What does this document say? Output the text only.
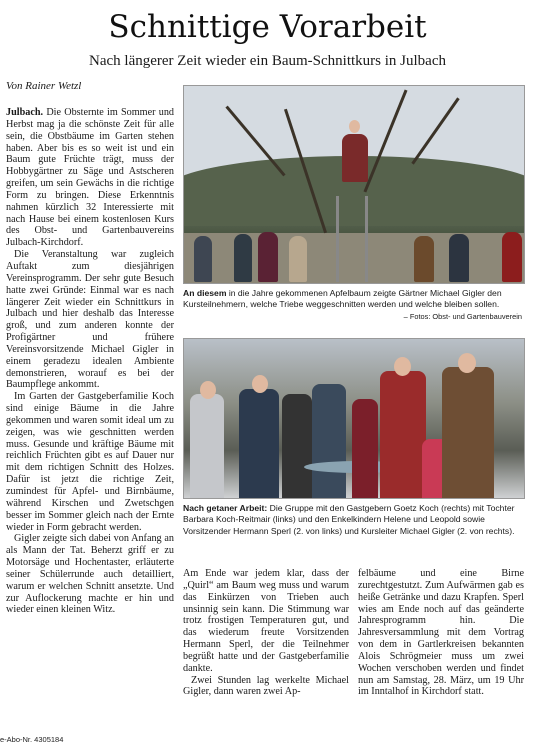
Schnittige Vorarbeit
Nach längerer Zeit wieder ein Baum-Schnittkurs in Julbach
Von Rainer Wetzl

Julbach. Die Obsternte im Sommer und Herbst mag ja die schönste Zeit für alle sein, die Obstbäume im Garten stehen haben. Aber bis es so weit ist und ein Baum gute Früchte trägt, muss der Hobbygärtner zu Säge und Astscheren greifen, um sein Gewächs in die richtige Form zu bringen. Diese Erkenntnis nahmen kürzlich 32 Interessierte mit nach Hause bei einem kostenlosen Kurs des Obst- und Gartenbauvereins Julbach-Kirchdorf.

Die Veranstaltung war zugleich Auftakt zum diesjährigen Vereinsprogramm. Der sehr gute Besuch hatte zwei Gründe: Einmal war es nach längerer Zeit wieder ein Schnittkurs in Julbach und hier deshalb das Interesse groß, und zum anderen konnte der Profigärtner und frühere Vereinsvorsitzende Michael Gigler in einem geradezu idealen Ambiente demonstrieren, worauf es bei der Baumpflege ankommt.

Im Garten der Gastgeberfamilie Koch sind einige Bäume in die Jahre gekommen und waren somit ideal um zu zeigen, was wie geschnitten werden muss. Gesunde und kräftige Bäume mit reichlich Früchten gibt es auf Dauer nur mit dem richtigen Schnitt des Holzes. Dafür ist jetzt die richtige Zeit, zumindest für Apfel- und Birnbäume, während Kirschen und Zwetschgen besser im Sommer gleich nach der Ernte wieder in Form gebracht werden.

Gigler zeigte sich dabei von Anfang an als Mann der Tat. Beherzt griff er zu Motorsäge und Hochentaster, erläuterte seiner Schülerrunde auch detailliert, warum er welchen Schnitt ansetzte. Und zur Auflockerung machte er hin und wieder einen kleinen Witz.

An diesem in die Jahre gekommenen Apfelbaum zeigte Gärtner Michael Gigler den Kursteilnehmern, welche Triebe weggeschnitten werden und welche bleiben sollen.
– Fotos: Obst- und Gartenbauverein
Nach getaner Arbeit: Die Gruppe mit den Gastgebern Goetz Koch (rechts) mit Tochter Barbara Koch-Reitmair (links) und den Enkelkindern Helene und Leopold sowie Vorsitzender Hermann Sperl (2. von links) und Kursleiter Michael Gigler (2. von rechts).

Am Ende war jedem klar, dass der „Quirl“ am Baum weg muss und warum das Einkürzen von Trieben auch unsinnig sein kann. Die Stimmung war trotz frostigen Temperaturen gut, und das wiederum freute Vorsitzenden Hermann Sperl, der die Teilnehmer begrüßt hatte und der Gastgeberfamilie dankte.

Zwei Stunden lag werkelte Michael Gigler, dann waren zwei Ap-

felbäume und eine Birne zurechtgestutzt. Zum Aufwärmen gab es heiße Getränke und dazu Krapfen. Sperl wies am Ende noch auf das geänderte Jahresprogramm hin. Die Jahresversammlung mit dem Vortrag von dem in Gartlerkreisen bekannten Alois Schrögmeier muss um zwei Wochen verschoben werden und findet nun am Samstag, 28. März, um 19 Uhr im Inntalhof in Kirchdorf statt.

e-Abo-Nr. 4305184
